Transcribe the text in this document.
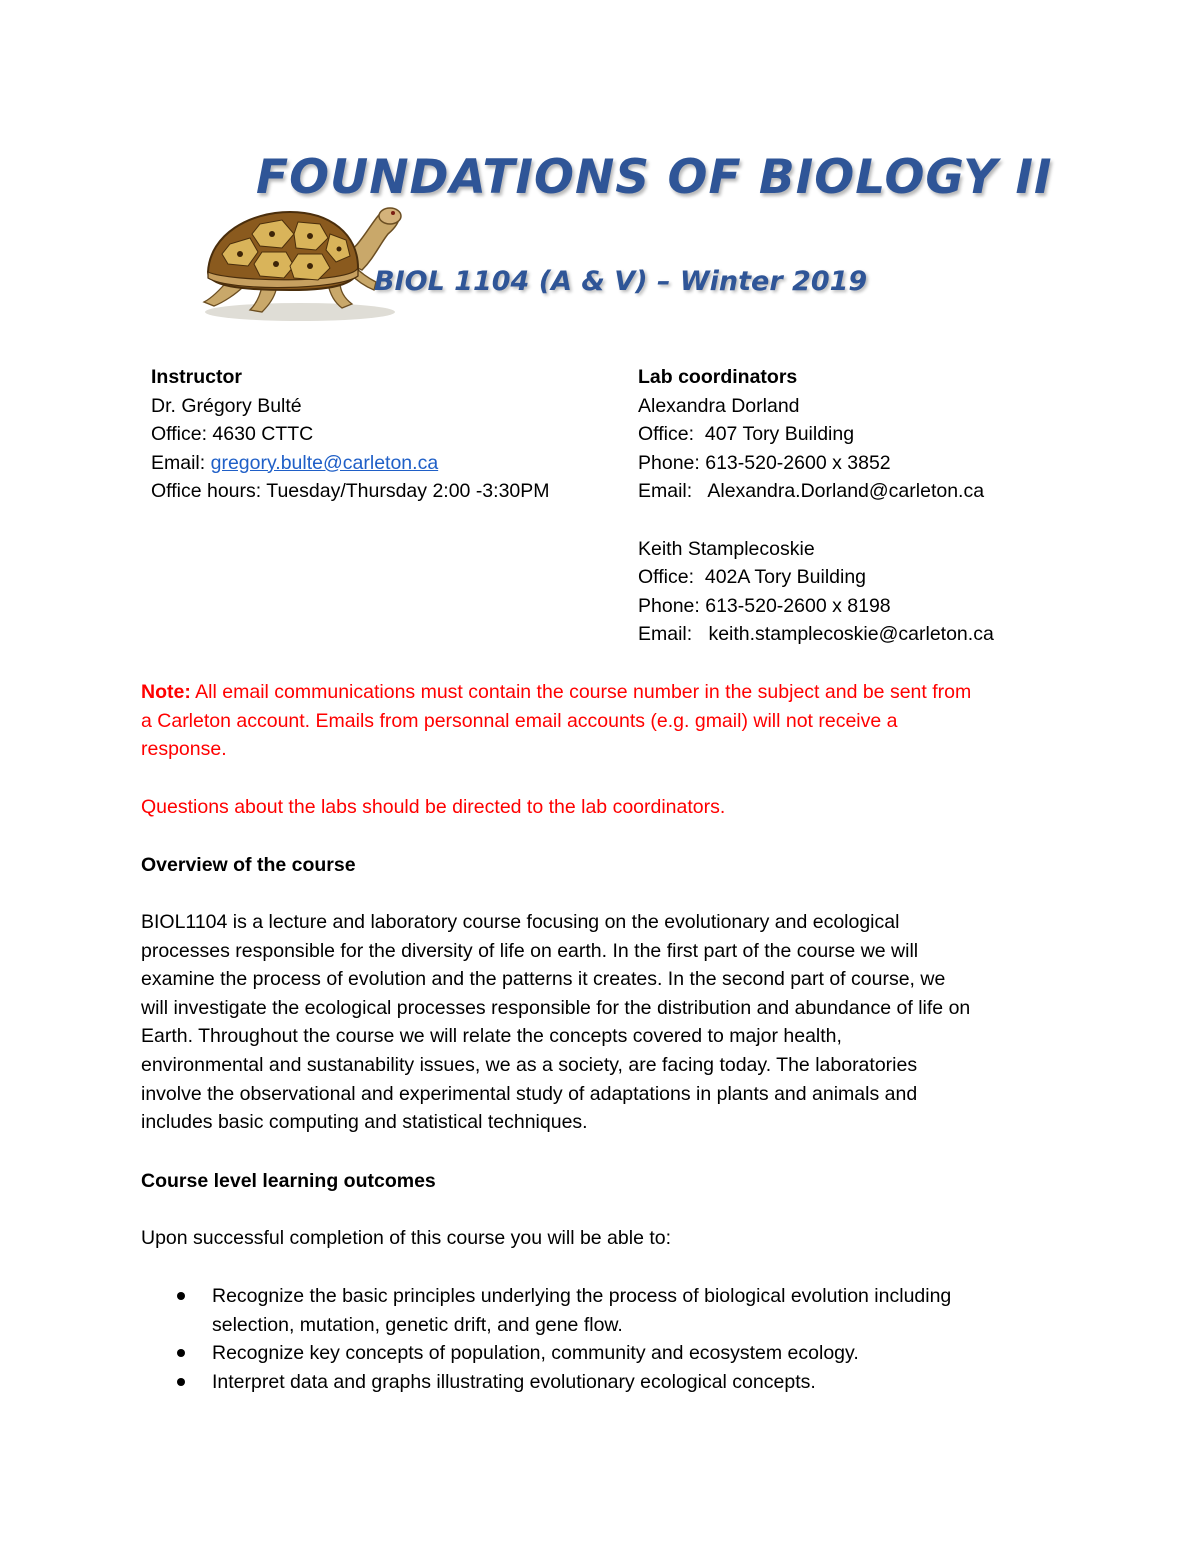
FOUNDATIONS OF BIOLOGY II
BIOL 1104 (A & V) – Winter 2019
Instructor
Dr. Grégory Bulté
Office: 4630 CTTC
Email: gregory.bulte@carleton.ca
Office hours: Tuesday/Thursday 2:00 -3:30PM
Lab coordinators
Alexandra Dorland
Office: 407 Tory Building
Phone: 613-520-2600 x 3852
Email: Alexandra.Dorland@carleton.ca
Keith Stamplecoskie
Office: 402A Tory Building
Phone: 613-520-2600 x 8198
Email: keith.stamplecoskie@carleton.ca
Note: All email communications must contain the course number in the subject and be sent from
a Carleton account. Emails from personnal email accounts (e.g. gmail) will not receive a
response.
Questions about the labs should be directed to the lab coordinators.
Overview of the course
BIOL1104 is a lecture and laboratory course focusing on the evolutionary and ecological
processes responsible for the diversity of life on earth. In the first part of the course we will
examine the process of evolution and the patterns it creates. In the second part of course, we
will investigate the ecological processes responsible for the distribution and abundance of life on
Earth. Throughout the course we will relate the concepts covered to major health,
environmental and sustanability issues, we as a society, are facing today. The laboratories
involve the observational and experimental study of adaptations in plants and animals and
includes basic computing and statistical techniques.
Course level learning outcomes
Upon successful completion of this course you will be able to:
Recognize the basic principles underlying the process of biological evolution including
selection, mutation, genetic drift, and gene flow.
Recognize key concepts of population, community and ecosystem ecology.
Interpret data and graphs illustrating evolutionary ecological concepts.
